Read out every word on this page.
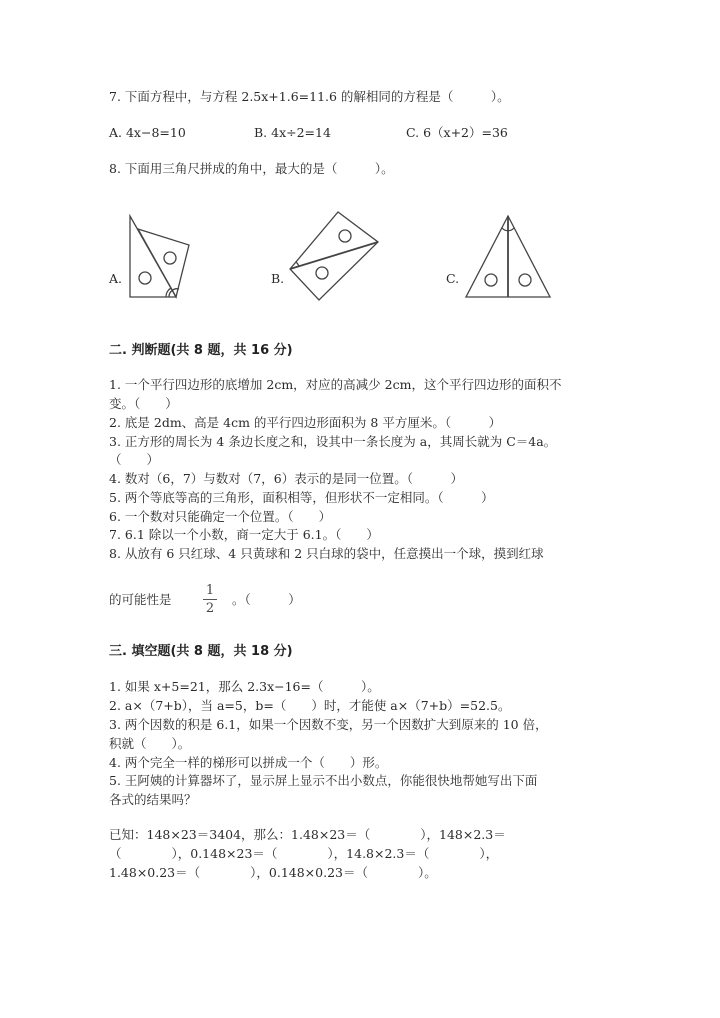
7. 下面方程中，与方程 2.5x+1.6=11.6 的解相同的方程是（　　　）。
A. 4x−8=10	B. 4x÷2=14	C. 6（x+2）=36
8. 下面用三角尺拼成的角中，最大的是（　　　）。
A.	B.	C.
二. 判断题(共 8 题，共 16 分)
1. 一个平行四边形的底增加 2cm，对应的高减少 2cm，这个平行四边形的面积不
变。（　　）
2. 底是 2dm、高是 4cm 的平行四边形面积为 8 平方厘米。（　　　）
3. 正方形的周长为 4 条边长度之和，设其中一条长度为 a，其周长就为 C＝4a。
（　　）
4. 数对（6，7）与数对（7，6）表示的是同一位置。（　　　）
5. 两个等底等高的三角形，面积相等，但形状不一定相同。（　　　）
6. 一个数对只能确定一个位置。（　　）
7. 6.1 除以一个小数，商一定大于 6.1。（　　）
8. 从放有 6 只红球、4 只黄球和 2 只白球的袋中，任意摸出一个球，摸到红球
的可能性是
1
2
。（　　　）
三. 填空题(共 8 题，共 18 分)
1. 如果 x+5=21，那么 2.3x−16=（　　　）。
2. a×（7+b），当 a=5，b=（　　）时，才能使 a×（7+b）=52.5。
3. 两个因数的积是 6.1，如果一个因数不变，另一个因数扩大到原来的 10 倍，
积就（　　）。
4. 两个完全一样的梯形可以拼成一个（　　）形。
5. 王阿姨的计算器坏了，显示屏上显示不出小数点，你能很快地帮她写出下面
各式的结果吗？
已知：148×23＝3404，那么：1.48×23＝（　　　　），148×2.3＝
（　　　　），0.148×23＝（　　　　），14.8×2.3＝（　　　　），
1.48×0.23＝（　　　　），0.148×0.23＝（　　　　）。
